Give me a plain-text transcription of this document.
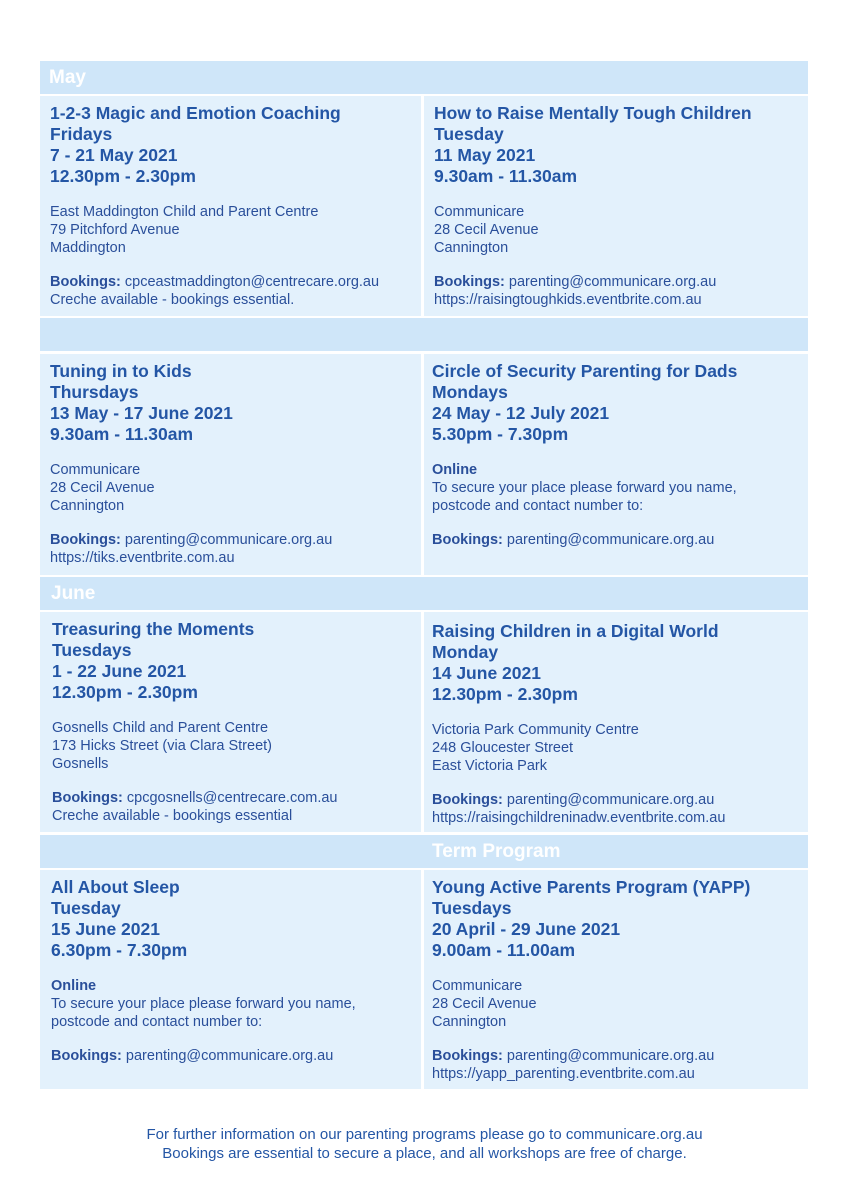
May
June
Term Program
1-2-3 Magic and Emotion Coaching
Fridays
7 - 21 May 2021
12.30pm - 2.30pm
East Maddington Child and Parent Centre
79 Pitchford Avenue
Maddington
Bookings: cpceastmaddington@centrecare.org.au
Creche available - bookings essential.
How to Raise Mentally Tough Children
Tuesday
11 May 2021
9.30am - 11.30am
Communicare
28 Cecil Avenue
Cannington
Bookings: parenting@communicare.org.au
https://raisingtoughkids.eventbrite.com.au
Tuning in to Kids
Thursdays
13 May - 17 June 2021
9.30am - 11.30am
Communicare
28 Cecil Avenue
Cannington
Bookings: parenting@communicare.org.au
https://tiks.eventbrite.com.au
Circle of Security Parenting for Dads
Mondays
24 May - 12 July 2021
5.30pm - 7.30pm
Online
To secure your place please forward you name,
postcode and contact number to:
Bookings: parenting@communicare.org.au
Treasuring the Moments
Tuesdays
1 - 22 June 2021
12.30pm - 2.30pm
Gosnells Child and Parent Centre
173 Hicks Street (via Clara Street)
Gosnells
Bookings: cpcgosnells@centrecare.com.au
Creche available - bookings essential
Raising Children in a Digital World
Monday
14 June 2021
12.30pm - 2.30pm
Victoria Park Community Centre
248 Gloucester Street
East Victoria Park
Bookings: parenting@communicare.org.au
https://raisingchildreninadw.eventbrite.com.au
All About Sleep
Tuesday
15 June 2021
6.30pm - 7.30pm
Online
To secure your place please forward you name,
postcode and contact number to:
Bookings: parenting@communicare.org.au
Young Active Parents Program (YAPP)
Tuesdays
20 April - 29 June 2021
9.00am - 11.00am
Communicare
28 Cecil Avenue
Cannington
Bookings: parenting@communicare.org.au
https://yapp_parenting.eventbrite.com.au
For further information on our parenting programs please go to communicare.org.au
Bookings are essential to secure a place, and all workshops are free of charge.
